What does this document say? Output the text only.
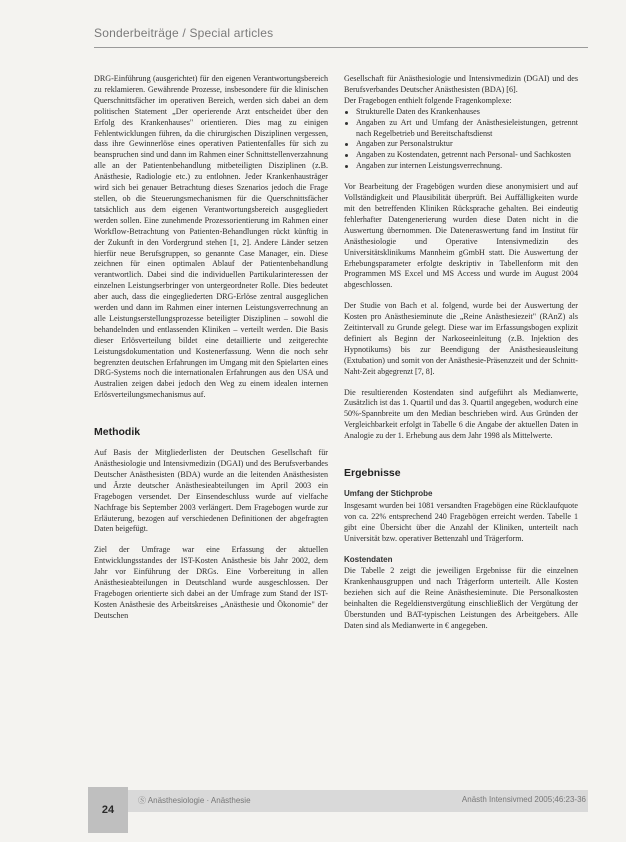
Sonderbeiträge / Special articles

DRG-Einführung (ausgerichtet) für den eigenen Verantwortungsbereich zu reklamieren. Gewährende Prozesse, insbesondere für die klinischen Querschnittsfächer im operativen Bereich, werden sich dabei an dem politischen Statement „Der operierende Arzt entscheidet über den Erfolg des Krankenhauses" orientieren. Dies mag zu einigen Fehlentwicklungen führen, da die chirurgischen Disziplinen vergessen, dass ihre Gewinnerlöse eines operativen Patientenfalles für sich zu beanspruchen sind und dann im Rahmen einer Schnittstellenverzahnung alle an der Patientenbehandlung mitbeteiligten Disziplinen (z.B. Anästhesie, Radiologie etc.) zu entlohnen. Jeder Krankenhausträger wird sich bei genauer Betrachtung dieses Szenarios jedoch die Frage stellen, ob die Steuerungsmechanismen für die Querschnittsfächer tatsächlich aus dem eigenen Verantwortungsbereich ausgegliedert werden sollen. Eine zunehmende Prozessorientierung im Rahmen einer Workflow-Betrachtung von Patienten-Behandlungen rückt künftig in der Zukunft in den Vordergrund stehen [1, 2]. Andere Länder setzen hierfür neue Berufsgruppen, so genannte Case Manager, ein. Diese zeichnen für einen optimalen Ablauf der Patientenbehandlung verantwortlich. Dabei sind die individuellen Partikularinteressen der einzelnen Leistungserbringer von untergeordneter Rolle. Dies bedeutet aber auch, dass die eingegliederten DRG-Erlöse zentral ausgeglichen werden und dann im Rahmen einer internen Leistungsverrechnung an alle Leistungserstellungsprozesse beteiligter Disziplinen – sowohl die behandelnden und entlassenden Kliniken – verteilt werden. Die Basis dieser Erlösverteilung bildet eine detaillierte und zeitgerechte Leistungsdokumentation und Kostenerfassung. Wenn die noch sehr begrenzten deutschen Erfahrungen im Umgang mit den Spielarten eines DRG-Systems noch die internationalen Erfahrungen aus den USA und Australien zeigen dabei jedoch den Weg zu einem idealen internen Erlösverteilungsmechanismus auf.

Methodik

Auf Basis der Mitgliederlisten der Deutschen Gesellschaft für Anästhesiologie und Intensivmedizin (DGAI) und des Berufsverbandes Deutscher Anästhesisten (BDA) wurde an die leitenden Anästhesisten und Ärzte deutscher Anästhesieabteilungen im April 2003 ein Fragebogen versendet. Der Einsendeschluss wurde auf vielfache Nachfrage bis September 2003 verlängert. Dem Fragebogen wurde zur Erläuterung, bezogen auf verschiedenen Definitionen der abgefragten Daten beigefügt.

Ziel der Umfrage war eine Erfassung der aktuellen Entwicklungsstandes der IST-Kosten Anästhesie bis Jahr 2002, dem Jahr vor Einführung der DRGs. Eine Vorbereitung in allen Anästhesieabteilungen in Deutschland wurde ausgeschlossen. Der Fragebogen orientierte sich dabei an der Umfrage zum Stand der IST-Kosten Anästhesie des Arbeitskreises „Anästhesie und Ökonomie" der Deutschen

Gesellschaft für Anästhesiologie und Intensivmedizin (DGAI) und des Berufsverbandes Deutscher Anästhesisten (BDA) [6].

Der Fragebogen enthielt folgende Fragenkomplexe:

Strukturelle Daten des Krankenhauses
Angaben zu Art und Umfang der Anästhesieleistungen, getrennt nach Regelbetrieb und Bereitschaftsdienst
Angaben zur Personalstruktur
Angaben zu Kostendaten, getrennt nach Personal- und Sachkosten
Angaben zur internen Leistungsverrechnung.

Vor Bearbeitung der Fragebögen wurden diese anonymisiert und auf Vollständigkeit und Plausibilität überprüft. Bei Auffälligkeiten wurde mit den betreffenden Kliniken Rücksprache gehalten. Bei eindeutig fehlerhafter Datengenerierung wurden diese Daten nicht in die Auswertung übernommen. Die Dateneraswertung fand im Institut für Anästhesiologie und Operative Intensivmedizin des Universitätsklinikums Mannheim gGmbH statt. Die Auswertung der Erhebungsparameter erfolgte deskriptiv in Tabellenform mit den Programmen MS Excel und MS Access und wurde im August 2004 abgeschlossen.

Der Studie von Bach et al. folgend, wurde bei der Auswertung der Kosten pro Anästhesieminute die „Reine Anästhesiezeit" (RAnZ) als Zeitintervall zu Grunde gelegt. Diese war im Erfassungsbogen explizit definiert als Beginn der Narkoseeinleitung (z.B. Injektion des Hypnotikums) bis zur Beendigung der Anästhesieausleitung (Extubation) und somit von der Anästhesie-Präsenzzeit und der Schnitt-Naht-Zeit abgegrenzt [7, 8].

Die resultierenden Kostendaten sind aufgeführt als Medianwerte, Zusätzlich ist das 1. Quartil und das 3. Quartil angegeben, wodurch eine 50%-Spannbreite um den Median beschrieben wird. Aus Gründen der Vergleichbarkeit erfolgt in Tabelle 6 die Angabe der aktuellen Daten in Analogie zu der 1. Erhebung aus dem Jahr 1998 als Mittelwerte.

Ergebnisse
Umfang der Stichprobe

Insgesamt wurden bei 1081 versandten Fragebögen eine Rücklaufquote von ca. 22% entsprechend 240 Fragebögen erreicht werden. Tabelle 1 gibt eine Übersicht über die Anzahl der Kliniken, unterteilt nach Universität bzw. operativer Bettenzahl und Trägerform.

Kostendaten

Die Tabelle 2 zeigt die jeweiligen Ergebnisse für die einzelnen Krankenhausgruppen und nach Trägerform unterteilt. Alle Kosten beziehen sich auf die Reine Anästhesieminute. Die Personalkosten beinhalten die Regeldienstvergütung einschließlich der Vergütung der Überstunden und BAT-typischen Leistungen des Arbeitgebers. Alle Daten sind als Medianwerte in € angegeben.

24
Ⓢ Anästhesiologie · Anästhesie	Anästh Intensivmed 2005;46:23-36
